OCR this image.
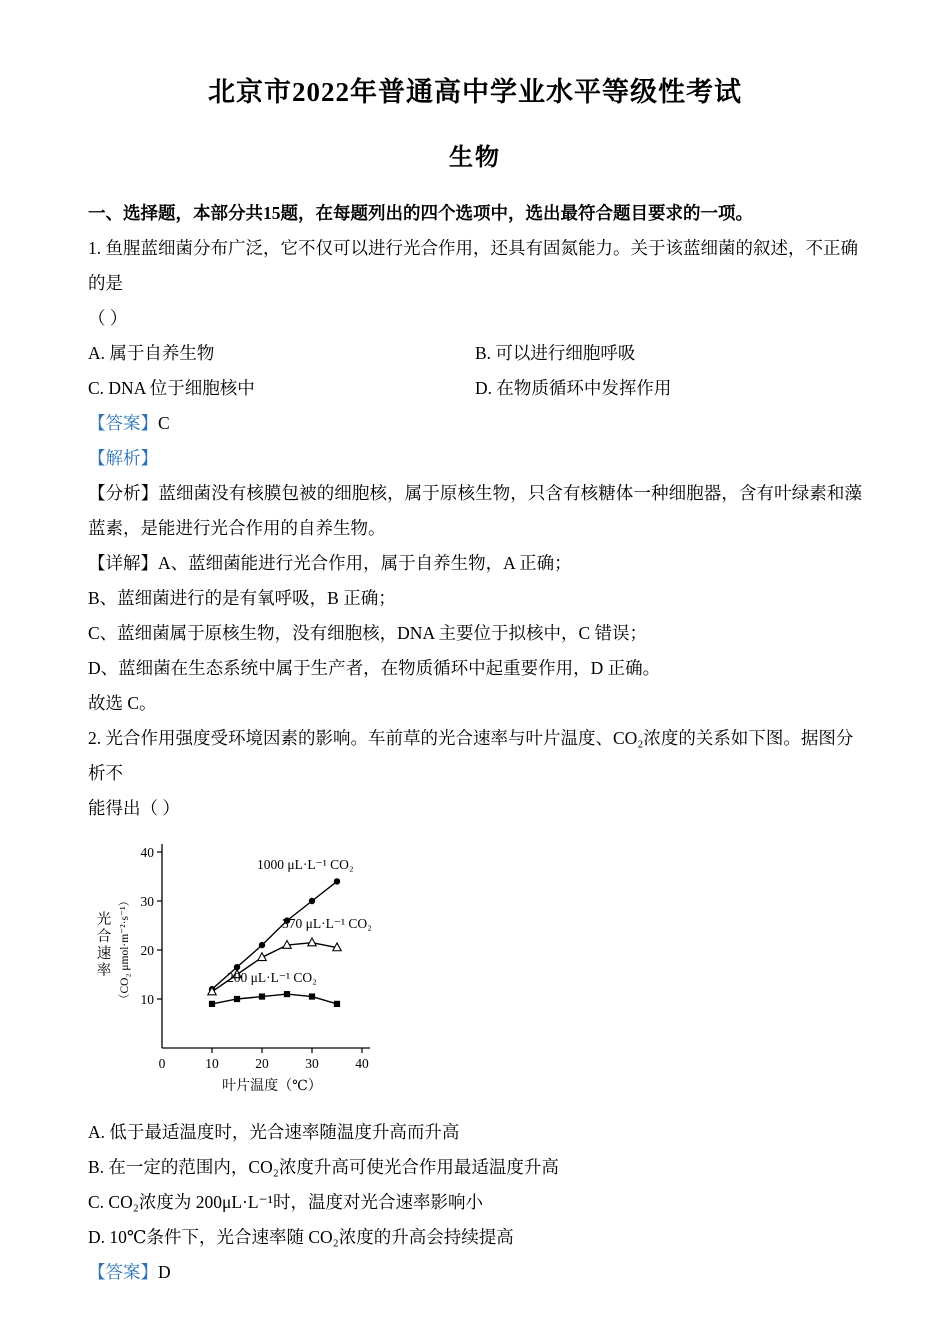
北京市2022年普通高中学业水平等级性考试
生物

一、选择题，本部分共15题，在每题列出的四个选项中，选出最符合题目要求的一项。

1. 鱼腥蓝细菌分布广泛，它不仅可以进行光合作用，还具有固氮能力。关于该蓝细菌的叙述，不正确的是

（ ）

A. 属于自养生物	B. 可以进行细胞呼吸
C. DNA 位于细胞核中	D. 在物质循环中发挥作用

【答案】C

【解析】

【分析】蓝细菌没有核膜包被的细胞核，属于原核生物，只含有核糖体一种细胞器，含有叶绿素和藻蓝素，是能进行光合作用的自养生物。

【详解】A、蓝细菌能进行光合作用，属于自养生物，A 正确；

B、蓝细菌进行的是有氧呼吸，B 正确；

C、蓝细菌属于原核生物，没有细胞核，DNA 主要位于拟核中，C 错误；

D、蓝细菌在生态系统中属于生产者，在物质循环中起重要作用，D 正确。

故选 C。

2. 光合作用强度受环境因素的影响。车前草的光合速率与叶片温度、CO₂浓度的关系如下图。据图分析不

能得出（ ）

10
20
30
40
0	10	20	30	40
1000 μL·L⁻¹ CO₂
370 μL·L⁻¹ CO₂
200 μL·L⁻¹ CO₂
叶片温度（℃）
光合速率 （CO₂ μmol·m⁻²·s⁻¹）

A. 低于最适温度时，光合速率随温度升高而升高

B. 在一定的范围内，CO₂浓度升高可使光合作用最适温度升高

C. CO₂浓度为 200μL·L⁻¹时，温度对光合速率影响小

D. 10℃条件下，光合速率随 CO₂浓度的升高会持续提高

【答案】D
